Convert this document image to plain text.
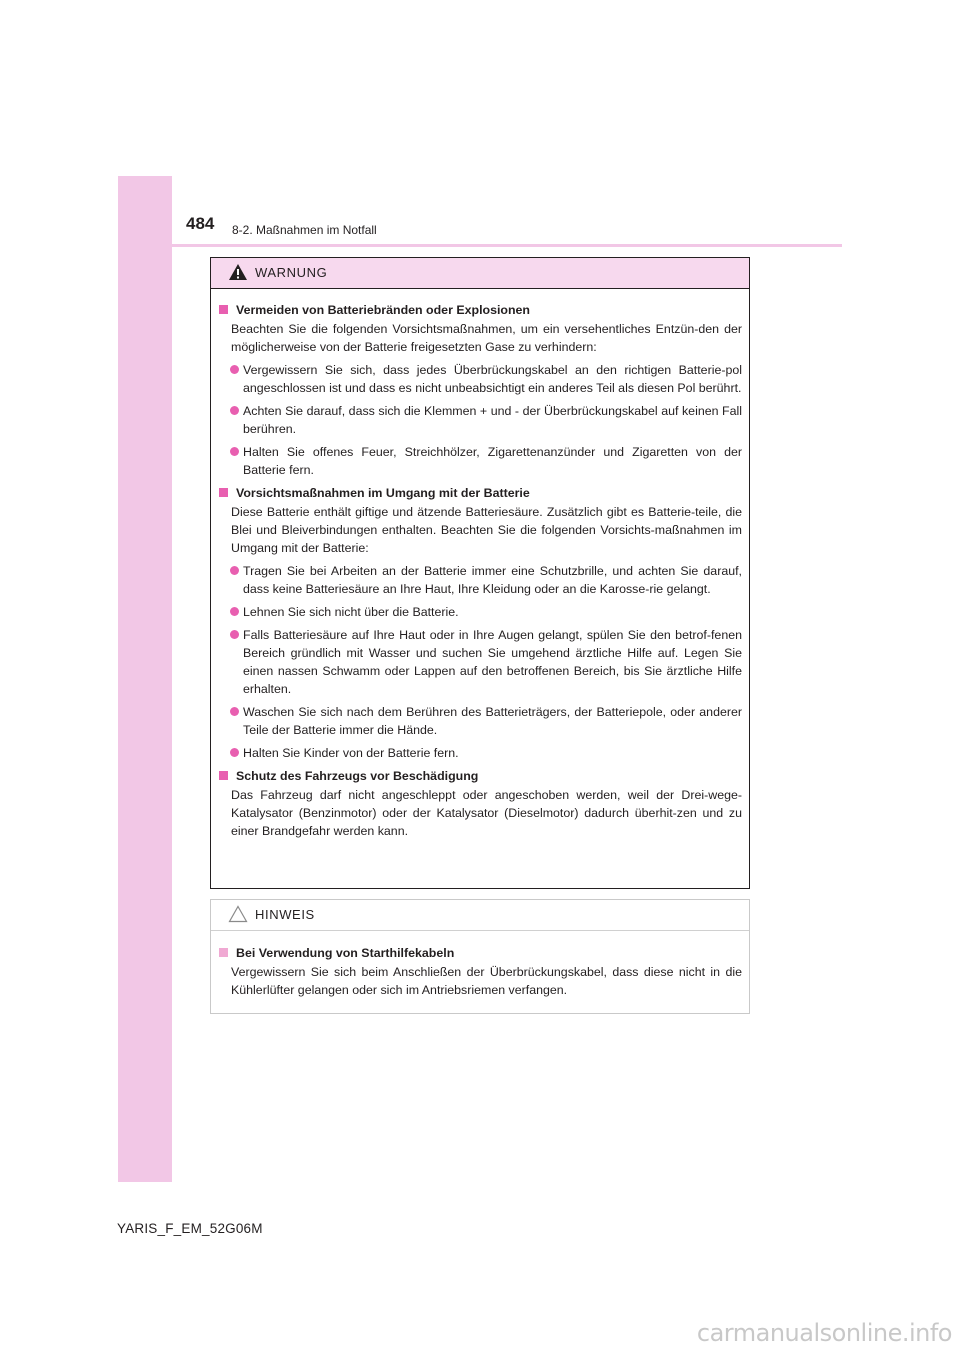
484 8-2. Maßnahmen im Notfall
WARNUNG
Vermeiden von Batteriebränden oder Explosionen
Beachten Sie die folgenden Vorsichtsmaßnahmen, um ein versehentliches Entzün-den der möglicherweise von der Batterie freigesetzten Gase zu verhindern:
Vergewissern Sie sich, dass jedes Überbrückungskabel an den richtigen Batterie-pol angeschlossen ist und dass es nicht unbeabsichtigt ein anderes Teil als diesen Pol berührt.
Achten Sie darauf, dass sich die Klemmen + und - der Überbrückungskabel auf keinen Fall berühren.
Halten Sie offenes Feuer, Streichhölzer, Zigarettenanzünder und Zigaretten von der Batterie fern.
Vorsichtsmaßnahmen im Umgang mit der Batterie
Diese Batterie enthält giftige und ätzende Batteriesäure. Zusätzlich gibt es Batterie-teile, die Blei und Bleiverbindungen enthalten. Beachten Sie die folgenden Vorsichts-maßnahmen im Umgang mit der Batterie:
Tragen Sie bei Arbeiten an der Batterie immer eine Schutzbrille, und achten Sie darauf, dass keine Batteriesäure an Ihre Haut, Ihre Kleidung oder an die Karosse-rie gelangt.
Lehnen Sie sich nicht über die Batterie.
Falls Batteriesäure auf Ihre Haut oder in Ihre Augen gelangt, spülen Sie den betrof-fenen Bereich gründlich mit Wasser und suchen Sie umgehend ärztliche Hilfe auf. Legen Sie einen nassen Schwamm oder Lappen auf den betroffenen Bereich, bis Sie ärztliche Hilfe erhalten.
Waschen Sie sich nach dem Berühren des Batterieträgers, der Batteriepole, oder anderer Teile der Batterie immer die Hände.
Halten Sie Kinder von der Batterie fern.
Schutz des Fahrzeugs vor Beschädigung
Das Fahrzeug darf nicht angeschleppt oder angeschoben werden, weil der Drei-wege-Katalysator (Benzinmotor) oder der Katalysator (Dieselmotor) dadurch überhit-zen und zu einer Brandgefahr werden kann.
HINWEIS
Bei Verwendung von Starthilfekabeln
Vergewissern Sie sich beim Anschließen der Überbrückungskabel, dass diese nicht in die Kühlerlüfter gelangen oder sich im Antriebsriemen verfangen.
YARIS_F_EM_52G06M
carmanualsonline.info
